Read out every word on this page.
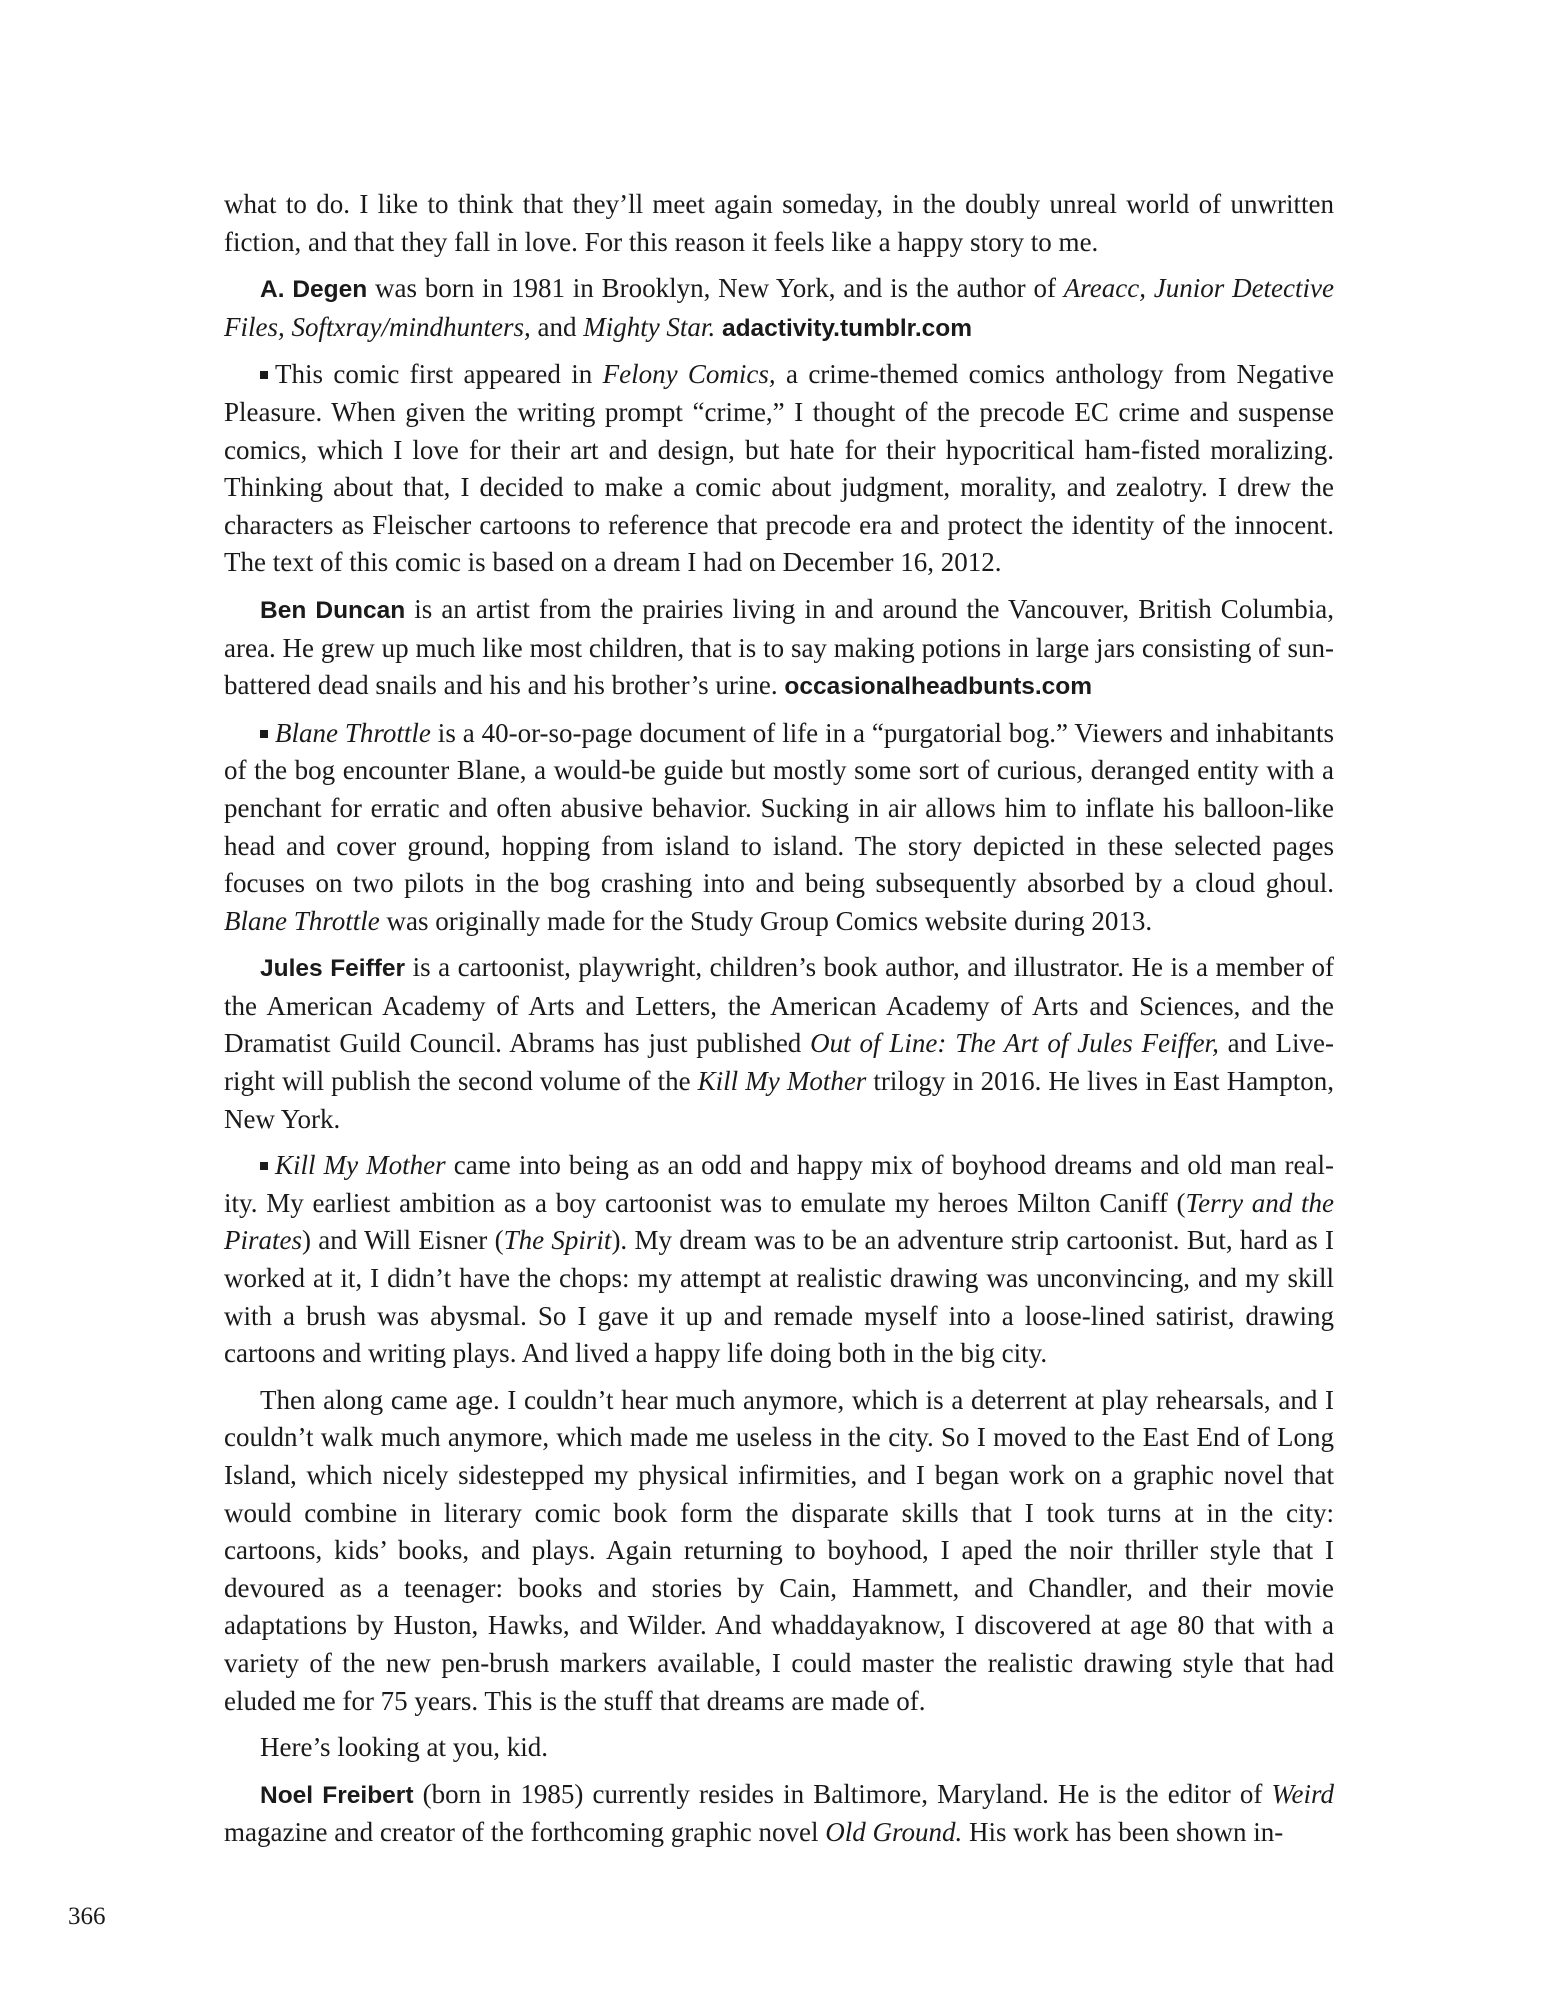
what to do. I like to think that they’ll meet again someday, in the doubly unreal world of unwritten fiction, and that they fall in love. For this reason it feels like a happy story to me.

A. Degen was born in 1981 in Brooklyn, New York, and is the author of Areacc, Junior Detective Files, Softxray/mindhunters, and Mighty Star. adactivity.tumblr.com

This comic first appeared in Felony Comics, a crime-themed comics anthology from Negative Pleasure. When given the writing prompt “crime,” I thought of the precode EC crime and suspense comics, which I love for their art and design, but hate for their hypocritical ham-fisted moralizing. Thinking about that, I decided to make a comic about judgment, morality, and zealotry. I drew the characters as Fleischer cartoons to reference that precode era and protect the identity of the innocent. The text of this comic is based on a dream I had on December 16, 2012.

Ben Duncan is an artist from the prairies living in and around the Vancouver, British Columbia, area. He grew up much like most children, that is to say making potions in large jars consisting of sun-battered dead snails and his and his brother’s urine. occasionalheadbunts.com

Blane Throttle is a 40-or-so-page document of life in a “purgatorial bog.” Viewers and inhabitants of the bog encounter Blane, a would-be guide but mostly some sort of curious, deranged entity with a penchant for erratic and often abusive behavior. Sucking in air allows him to inflate his balloon-like head and cover ground, hopping from island to island. The story depicted in these selected pages focuses on two pilots in the bog crashing into and being subsequently absorbed by a cloud ghoul. Blane Throttle was originally made for the Study Group Comics website during 2013.

Jules Feiffer is a cartoonist, playwright, children’s book author, and illustrator. He is a member of the American Academy of Arts and Letters, the American Academy of Arts and Sciences, and the Dramatist Guild Council. Abrams has just published Out of Line: The Art of Jules Feiffer, and Liveright will publish the second volume of the Kill My Mother trilogy in 2016. He lives in East Hampton, New York.

Kill My Mother came into being as an odd and happy mix of boyhood dreams and old man reality. My earliest ambition as a boy cartoonist was to emulate my heroes Milton Caniff (Terry and the Pirates) and Will Eisner (The Spirit). My dream was to be an adventure strip cartoonist. But, hard as I worked at it, I didn’t have the chops: my attempt at realistic drawing was unconvincing, and my skill with a brush was abysmal. So I gave it up and remade myself into a loose-lined satirist, drawing cartoons and writing plays. And lived a happy life doing both in the big city.

Then along came age. I couldn’t hear much anymore, which is a deterrent at play rehearsals, and I couldn’t walk much anymore, which made me useless in the city. So I moved to the East End of Long Island, which nicely sidestepped my physical infirmities, and I began work on a graphic novel that would combine in literary comic book form the disparate skills that I took turns at in the city: cartoons, kids’ books, and plays. Again returning to boyhood, I aped the noir thriller style that I devoured as a teenager: books and stories by Cain, Hammett, and Chandler, and their movie adaptations by Huston, Hawks, and Wilder. And whaddayaknow, I discovered at age 80 that with a variety of the new pen-brush markers available, I could master the realistic drawing style that had eluded me for 75 years. This is the stuff that dreams are made of.

Here’s looking at you, kid.

Noel Freibert (born in 1985) currently resides in Baltimore, Maryland. He is the editor of Weird magazine and creator of the forthcoming graphic novel Old Ground. His work has been shown in-

366
